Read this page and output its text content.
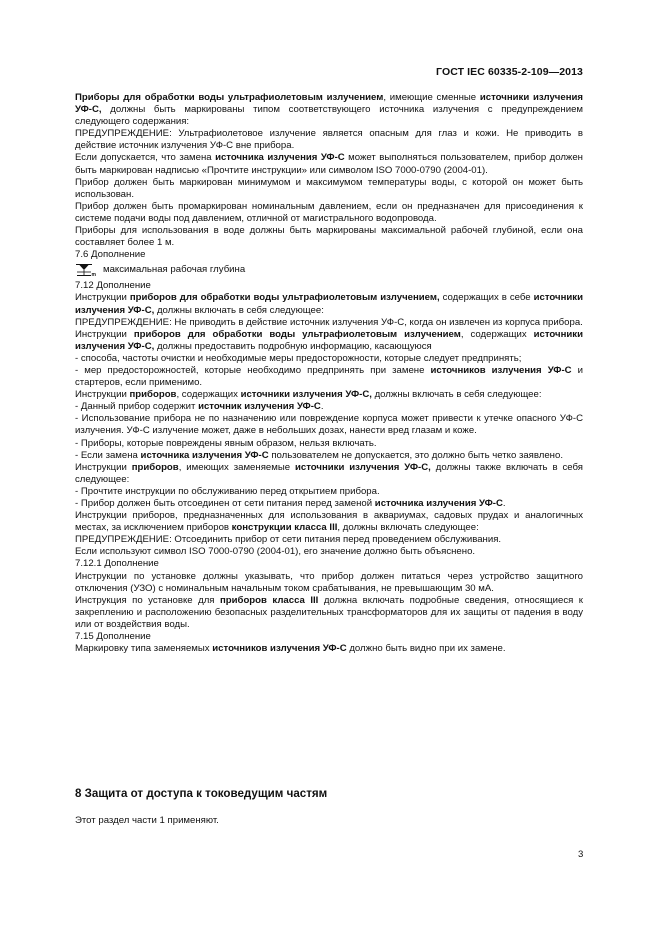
ГОСТ IEC 60335-2-109—2013

Приборы для обработки воды ультрафиолетовым излучением, имеющие сменные источники излучения УФ-С, должны быть маркированы типом соответствующего источника излучения с предупреждением следующего содержания:

ПРЕДУПРЕЖДЕНИЕ: Ультрафиолетовое излучение является опасным для глаз и кожи. Не приводить в действие источник излучения УФ-С вне прибора.

Если допускается, что замена источника излучения УФ-С может выполняться пользователем, прибор должен быть маркирован надписью «Прочтите инструкции» или символом ISO 7000-0790 (2004-01).

Прибор должен быть маркирован минимумом и максимумом температуры воды, с которой он может быть использован.

Прибор должен быть промаркирован номинальным давлением, если он предназначен для присоединения к системе подачи воды под давлением, отличной от магистрального водопровода.

Приборы для использования в воде должны быть маркированы максимальной рабочей глубиной, если она составляет более 1 м.

7.6 Дополнение

m
максимальная рабочая глубина

7.12 Дополнение

Инструкции приборов для обработки воды ультрафиолетовым излучением, содержащих в себе источники излучения УФ-С, должны включать в себя следующее:

ПРЕДУПРЕЖДЕНИЕ: Не приводить в действие источник излучения УФ-С, когда он извлечен из корпуса прибора.

Инструкции приборов для обработки воды ультрафиолетовым излучением, содержащих источники излучения УФ-С, должны предоставить подробную информацию, касающуюся

- способа, частоты очистки и необходимые меры предосторожности, которые следует предпринять;

- мер предосторожностей, которые необходимо предпринять при замене источников излучения УФ-С и стартеров, если применимо.

Инструкции приборов, содержащих источники излучения УФ-С, должны включать в себя следующее:

- Данный прибор содержит источник излучения УФ-С.

- Использование прибора не по назначению или повреждение корпуса может привести к утечке опасного УФ-С излучения. УФ-С излучение может, даже в небольших дозах, нанести вред глазам и коже.

- Приборы, которые повреждены явным образом, нельзя включать.

- Если замена источника излучения УФ-С пользователем не допускается, это должно быть четко заявлено.

Инструкции приборов, имеющих заменяемые источники излучения УФ-С, должны также включать в себя следующее:

- Прочтите инструкции по обслуживанию перед открытием прибора.

- Прибор должен быть отсоединен от сети питания перед заменой источника излучения УФ-С.

Инструкции приборов, предназначенных для использования в аквариумах, садовых прудах и аналогичных местах, за исключением приборов конструкции класса III, должны включать следующее:

ПРЕДУПРЕЖДЕНИЕ: Отсоединить прибор от сети питания перед проведением обслуживания.

Если используют символ ISO 7000-0790 (2004-01), его значение должно быть объяснено.

7.12.1 Дополнение

Инструкции по установке должны указывать, что прибор должен питаться через устройство защитного отключения (УЗО) с номинальным начальным током срабатывания, не превышающим 30 мА.

Инструкция по установке для приборов класса III должна включать подробные сведения, относящиеся к закреплению и расположению безопасных разделительных трансформаторов для их защиты от падения в воду или от воздействия воды.

7.15 Дополнение

Маркировку типа заменяемых источников излучения УФ-С должно быть видно при их замене.

8 Защита от доступа к токоведущим частям
Этот раздел части 1 применяют.
3
